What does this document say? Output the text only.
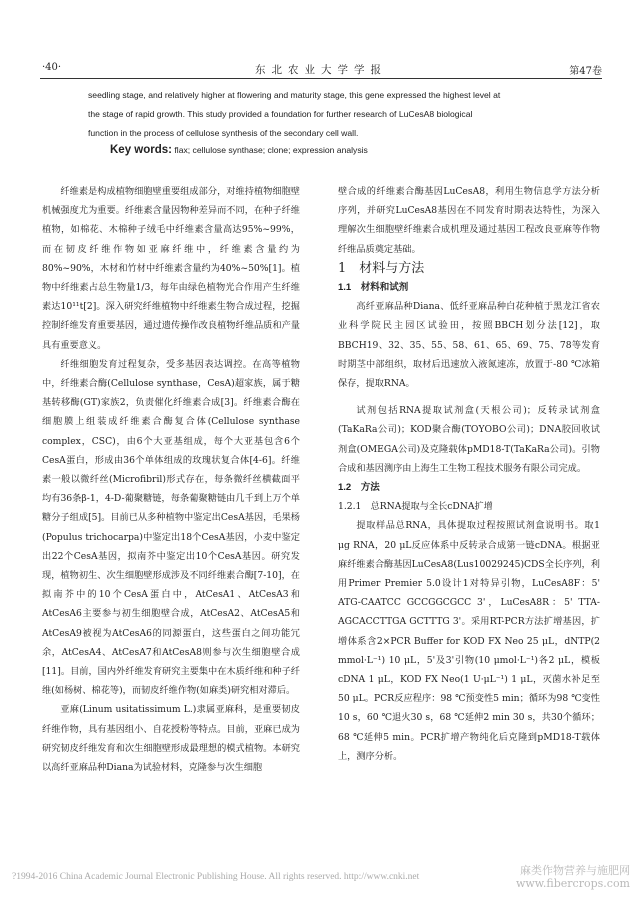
·40·	东北农业大学学报	第47卷
seedling stage, and relatively higher at flowering and maturity stage, this gene expressed the highest level at
the stage of rapid growth. This study provided a foundation for further research of LuCesA8 biological
function in the process of cellulose synthesis of the secondary cell wall.
Key words: flax; cellulose synthase; clone; expression analysis

纤维素是构成植物细胞壁重要组成部分，对维持植物细胞壁机械强度尤为重要。纤维素含量因物种差异而不同，在种子纤维植物，如棉花、木棉种子绒毛中纤维素含量高达95%~99%，而在韧皮纤维作物如亚麻纤维中，纤维素含量约为80%~90%，木材和竹材中纤维素含量约为40%~50%[1]。植物中纤维素占总生物量1/3，每年由绿色植物光合作用产生纤维素达10¹¹t[2]。深入研究纤维植物中纤维素生物合成过程，挖掘控制纤维发育重要基因，通过遗传操作改良植物纤维品质和产量具有重要意义。

纤维细胞发育过程复杂，受多基因表达调控。在高等植物中，纤维素合酶(Cellulose synthase，CesA)超家族，属于糖基转移酶(GT)家族2，负责催化纤维素合成[3]。纤维素合酶在细胞膜上组装成纤维素合酶复合体(Cellulose synthase complex，CSC)，由6个大亚基组成，每个大亚基包含6个CesA蛋白，形成由36个单体组成的玫瑰状复合体[4-6]。纤维素一般以微纤丝(Microfibril)形式存在，每条微纤丝横截面平均有36条β-1，4-D-葡聚糖链，每条葡聚糖链由几千到上万个单糖分子组成[5]。目前已从多种植物中鉴定出CesA基因，毛果杨(Populus trichocarpa)中鉴定出18个CesA基因，小麦中鉴定出22个CesA基因，拟南芥中鉴定出10个CesA基因。研究发现，植物初生、次生细胞壁形成涉及不同纤维素合酶[7-10]，在拟南芥中的10个CesA蛋白中，AtCesA1、AtCesA3和AtCesA6主要参与初生细胞壁合成，AtCesA2、AtCesA5和AtCesA9被视为AtCesA6的同源蛋白，这些蛋白之间功能冗余，AtCesA4、AtCesA7和AtCesA8则参与次生细胞壁合成[11]。目前，国内外纤维发育研究主要集中在木质纤维和种子纤维(如杨树、棉花等)，而韧皮纤维作物(如麻类)研究相对滞后。

亚麻(Linum usitatissimum L.)隶属亚麻科，是重要韧皮纤维作物，具有基因组小、自花授粉等特点。目前，亚麻已成为研究韧皮纤维发育和次生细胞壁形成最理想的模式植物。本研究以高纤亚麻品种Diana为试验材料，克隆参与次生细胞

壁合成的纤维素合酶基因LuCesA8，利用生物信息学方法分析序列，并研究LuCesA8基因在不同发育时期表达特性，为深入理解次生细胞壁纤维素合成机理及通过基因工程改良亚麻等作物纤维品质奠定基础。

1　材料与方法

1.1　材料和试剂

高纤亚麻品种Diana、低纤亚麻品种白花种植于黑龙江省农业科学院民主园区试验田，按照BBCH划分法[12]，取BBCH19、32、35、55、58、61、65、69、75、78等发育时期茎中部组织，取材后迅速放入液氮速冻，放置于-80 ℃冰箱保存，提取RNA。

试剂包括RNA提取试剂盒(天根公司)；反转录试剂盒(TaKaRa公司)；KOD聚合酶(TOYOBO公司)；DNA胶回收试剂盒(OMEGA公司)及克隆载体pMD18-T(TaKaRa公司)。引物合成和基因测序由上海生工生物工程技术服务有限公司完成。

1.2　方法

1.2.1　总RNA提取与全长cDNA扩增

提取样品总RNA，具体提取过程按照试剂盒说明书。取1 μg RNA，20 μL反应体系中反转录合成第一链cDNA。根据亚麻纤维素合酶基因LuCesA8(Lus10029245)CDS全长序列，利用Primer Premier 5.0设计1对特异引物，LuCesA8F：5' ATG-CAATCC GCCGGCGCC 3'，LuCesA8R：5' TTA-AGCACCTTGA GCTTTG 3'。采用RT-PCR方法扩增基因，扩增体系含2×PCR Buffer for KOD FX Neo 25 μL，dNTP(2 mmol·L⁻¹) 10 μL，5'及3'引物(10 μmol·L⁻¹)各2 μL，模板cDNA 1 μL，KOD FX Neo(1 U·μL⁻¹) 1 μL，灭菌水补足至50 μL。PCR反应程序：98 ℃预变性5 min；循环为98 ℃变性10 s，60 ℃退火30 s，68 ℃延伸2 min 30 s，共30个循环；68 ℃延伸5 min。PCR扩增产物纯化后克隆到pMD18-T载体上，测序分析。

?1994-2016 China Academic Journal Electronic Publishing House. All rights reserved. http://www.cnki.net	麻类作物营养与施肥网
www.fibercrops.com
